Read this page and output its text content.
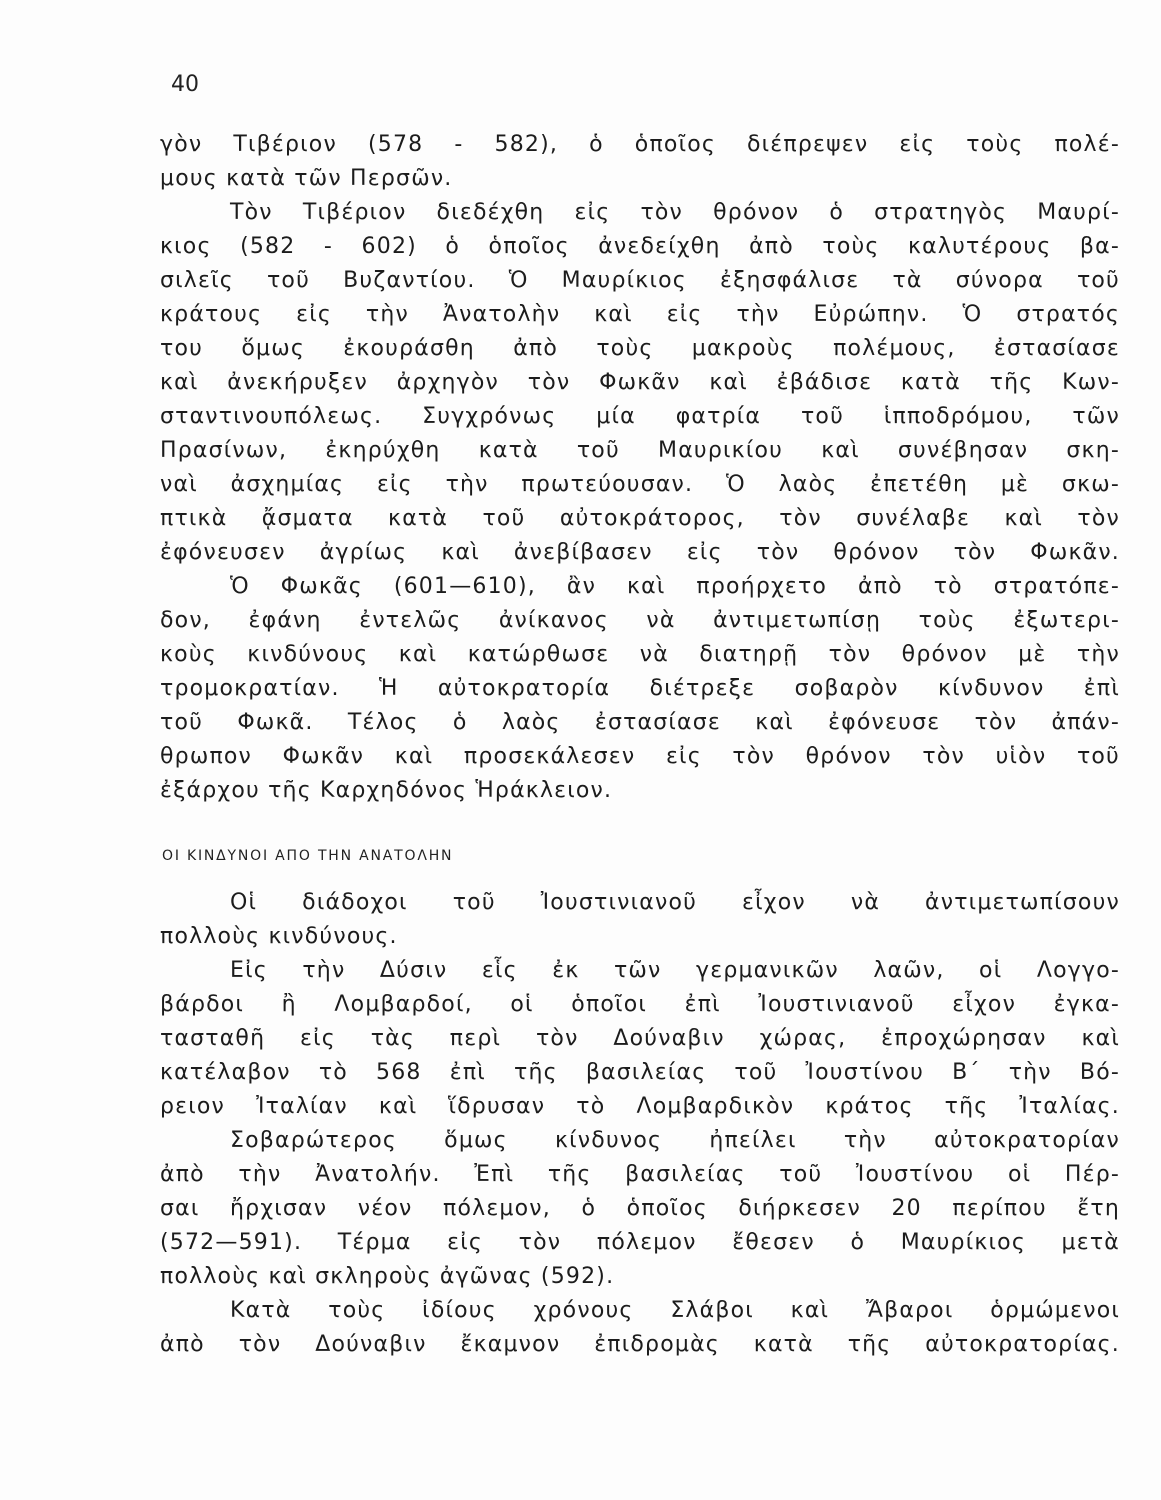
40
γὸν Τιβέριον (578 - 582), ὁ ὁποῖος διέπρεψεν εἰς τοὺς πολέ-
μους κατὰ τῶν Περσῶν.
Τὸν Τιβέριον διεδέχθη εἰς τὸν θρόνον ὁ στρατηγὸς Μαυρί-
κιος (582 - 602) ὁ ὁποῖος ἀνεδείχθη ἀπὸ τοὺς καλυτέρους βα-
σιλεῖς τοῦ Βυζαντίου. Ὁ Μαυρίκιος ἐξησφάλισε τὰ σύνορα τοῦ
κράτους εἰς τὴν Ἀνατολὴν καὶ εἰς τὴν Εὐρώπην. Ὁ στρατός
του ὅμως ἐκουράσθη ἀπὸ τοὺς μακροὺς πολέμους, ἐστασίασε
καὶ ἀνεκήρυξεν ἀρχηγὸν τὸν Φωκᾶν καὶ ἐβάδισε κατὰ τῆς Κων-
σταντινουπόλεως. Συγχρόνως μία φατρία τοῦ ἱπποδρόμου, τῶν
Πρασίνων, ἐκηρύχθη κατὰ τοῦ Μαυρικίου καὶ συνέβησαν σκη-
ναὶ ἀσχημίας εἰς τὴν πρωτεύουσαν. Ὁ λαὸς ἐπετέθη μὲ σκω-
πτικὰ ᾄσματα κατὰ τοῦ αὐτοκράτορος, τὸν συνέλαβε καὶ τὸν
ἐφόνευσεν ἀγρίως καὶ ἀνεβίβασεν εἰς τὸν θρόνον τὸν Φωκᾶν.
Ὁ Φωκᾶς (601—610), ἂν καὶ προήρχετο ἀπὸ τὸ στρατόπε-
δον, ἐφάνη ἐντελῶς ἀνίκανος νὰ ἀντιμετωπίσῃ τοὺς ἐξωτερι-
κοὺς κινδύνους καὶ κατώρθωσε νὰ διατηρῇ τὸν θρόνον μὲ τὴν
τρομοκρατίαν. Ἡ αὐτοκρατορία διέτρεξε σοβαρὸν κίνδυνον ἐπὶ
τοῦ Φωκᾶ. Τέλος ὁ λαὸς ἐστασίασε καὶ ἐφόνευσε τὸν ἀπάν-
θρωπον Φωκᾶν καὶ προσεκάλεσεν εἰς τὸν θρόνον τὸν υἱὸν τοῦ
ἐξάρχου τῆς Καρχηδόνος Ἡράκλειον.
ΟΙ ΚΙΝΔΥΝΟΙ ΑΠΟ ΤΗΝ ΑΝΑΤΟΛΗΝ
Οἱ διάδοχοι τοῦ Ἰουστινιανοῦ εἶχον νὰ ἀντιμετωπίσουν
πολλοὺς κινδύνους.
Εἰς τὴν Δύσιν εἷς ἐκ τῶν γερμανικῶν λαῶν, οἱ Λογγο-
βάρδοι ἢ Λομβαρδοί, οἱ ὁποῖοι ἐπὶ Ἰουστινιανοῦ εἶχον ἐγκα-
τασταθῆ εἰς τὰς περὶ τὸν Δούναβιν χώρας, ἐπροχώρησαν καὶ
κατέλαβον τὸ 568 ἐπὶ τῆς βασιλείας τοῦ Ἰουστίνου Β΄ τὴν Βό-
ρειον Ἰταλίαν καὶ ἵδρυσαν τὸ Λομβαρδικὸν κράτος τῆς Ἰταλίας.
Σοβαρώτερος ὅμως κίνδυνος ἠπείλει τὴν αὐτοκρατορίαν
ἀπὸ τὴν Ἀνατολήν. Ἐπὶ τῆς βασιλείας τοῦ Ἰουστίνου οἱ Πέρ-
σαι ἤρχισαν νέον πόλεμον, ὁ ὁποῖος διήρκεσεν 20 περίπου ἔτη
(572—591). Τέρμα εἰς τὸν πόλεμον ἔθεσεν ὁ Μαυρίκιος μετὰ
πολλοὺς καὶ σκληροὺς ἀγῶνας (592).
Κατὰ τοὺς ἰδίους χρόνους Σλάβοι καὶ Ἄβαροι ὁρμώμενοι
ἀπὸ τὸν Δούναβιν ἔκαμνον ἐπιδρομὰς κατὰ τῆς αὐτοκρατορίας.
